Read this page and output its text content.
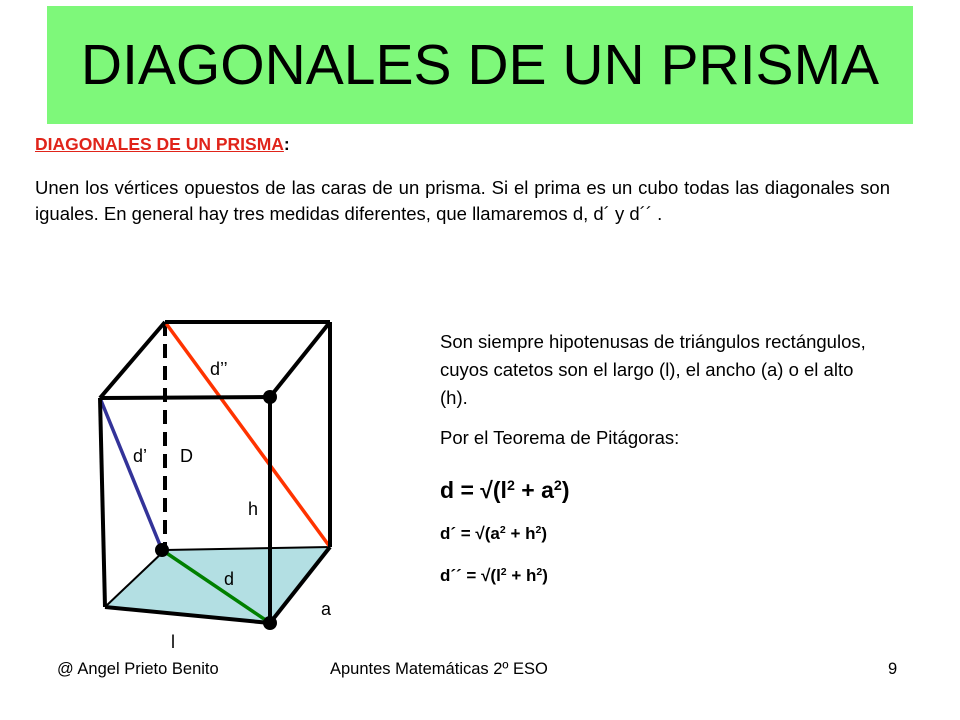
DIAGONALES DE UN PRISMA
DIAGONALES DE UN PRISMA:

Unen los vértices opuestos de las caras de un prisma. Si el prima es un cubo todas las diagonales son iguales. En general hay tres medidas diferentes, que llamaremos d, d´ y d´´ .

d’’
d’ D
h
d
a
l

Son siempre hipotenusas de triángulos rectángulos, cuyos catetos son el largo (l), el ancho (a) o el alto (h).

Por el Teorema de Pitágoras:
$d = √(l^2 + a^2)$
d´ = $√(a^2 + h^2)$
d´´ = $√(l^2 + h^2)$
@ Angel Prieto Benito	Apuntes Matemáticas 2º ESO	9
